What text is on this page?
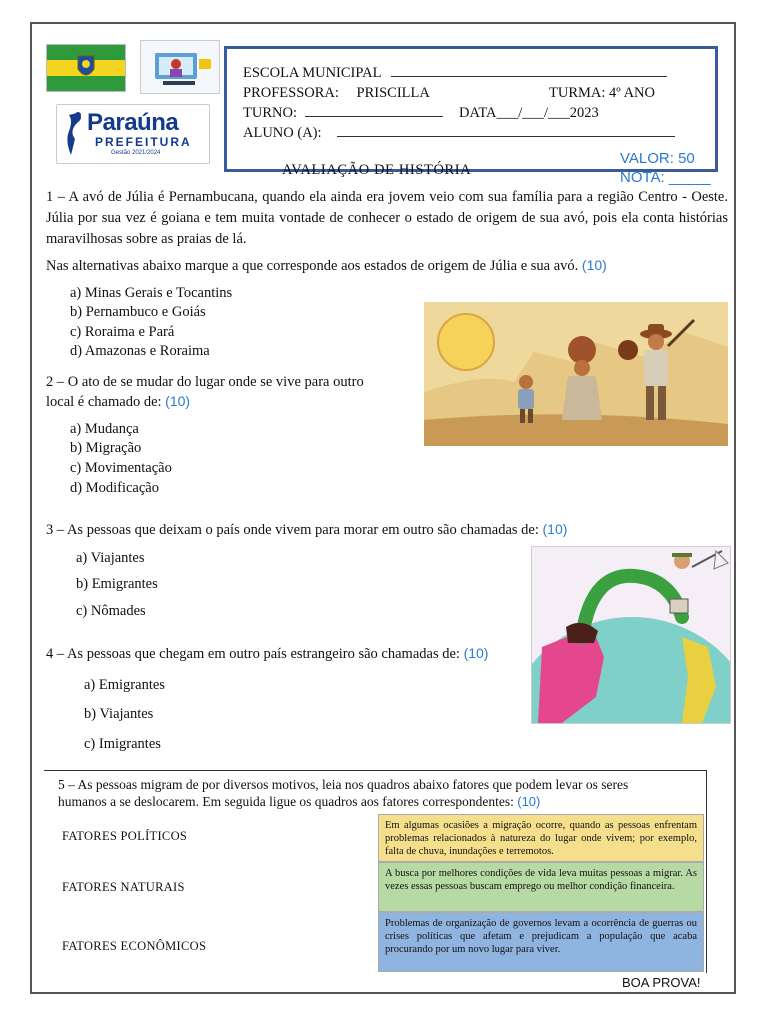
Paraúna
PREFEITURA
Gestão 2021/2024
ESCOLA MUNICIPAL
PROFESSORA: PRISCILLA	TURMA: 4º ANO
TURNO:	DATA___/___/___2023
ALUNO (A):
VALOR: 50
NOTA: _____
AVALIAÇÃO DE HISTÓRIA
1 – A avó de Júlia é Pernambucana, quando ela ainda era jovem veio com sua família para a região Centro - Oeste. Júlia por sua vez é goiana e tem muita vontade de conhecer o estado de origem de sua avó, pois ela conta histórias maravilhosas sobre as praias de lá.
Nas alternativas abaixo marque a que corresponde aos estados de origem de Júlia e sua avó. (10)
a) Minas Gerais e Tocantins
b) Pernambuco e Goiás
c) Roraima e Pará
d) Amazonas e Roraima
2 – O ato de se mudar do lugar onde se vive para outro
local é chamado de: (10)
a) Mudança
b) Migração
c) Movimentação
d) Modificação
3 – As pessoas que deixam o país onde vivem para morar em outro são chamadas de: (10)
a) Viajantes
b) Emigrantes
c) Nômades
4 – As pessoas que chegam em outro país estrangeiro são chamadas de: (10)
a) Emigrantes
b) Viajantes
c) Imigrantes
5 – As pessoas migram de por diversos motivos, leia nos quadros abaixo fatores que podem levar os seres
humanos a se deslocarem. Em seguida ligue os quadros aos fatores correspondentes: (10)
FATORES POLÍTICOS
FATORES NATURAIS
FATORES ECONÔMICOS
Em algumas ocasiões a migração ocorre, quando as pessoas enfrentam problemas relacionados à natureza do lugar onde vivem; por exemplo, falta de chuva, inundações e terremotos.
A busca por melhores condições de vida leva muitas pessoas a migrar. As vezes essas pessoas buscam emprego ou melhor condição financeira.
Problemas de organização de governos levam a ocorrência de guerras ou crises políticas que afetam e prejudicam a população que acaba procurando por um novo lugar para viver.
BOA PROVA!
